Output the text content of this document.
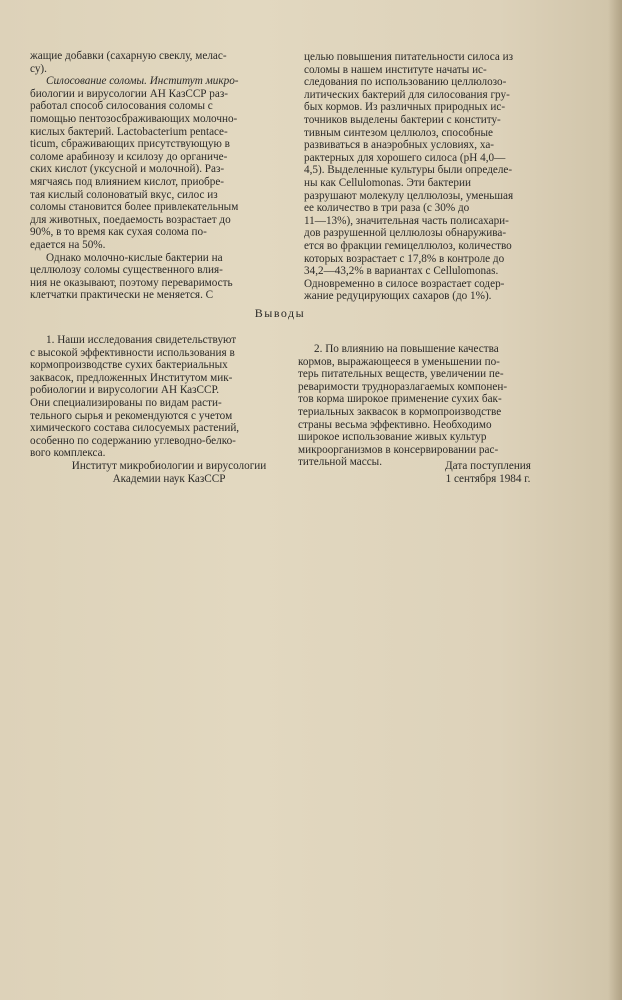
жащие добавки (сахарную свеклу, мелас-
су).
Силосование соломы. Институт микро-
биологии и вирусологии АН КазССР раз-
работал способ силосования соломы с
помощью пентозосбраживающих молочно-
кислых бактерий. Lactobacterium pentace-
ticum, сбраживающих присутствующую в
соломе арабинозу и ксилозу до органиче-
ских кислот (уксусной и молочной). Раз-
мягчаясь под влиянием кислот, приобре-
тая кислый солоноватый вкус, силос из
соломы становится более привлекательным
для животных, поедаемость возрастает до
90%, в то время как сухая солома по-
едается на 50%.
Однако молочно-кислые бактерии на
целлюлозу соломы существенного влия-
ния не оказывают, поэтому переваримость
клетчатки практически не меняется. С
целью повышения питательности силоса из
соломы в нашем институте начаты ис-
следования по использованию целлюлозо-
литических бактерий для силосования гру-
бых кормов. Из различных природных ис-
точников выделены бактерии с конститу-
тивным синтезом целлюлоз, способные
развиваться в анаэробных условиях, ха-
рактерных для хорошего силоса (pH 4,0—
4,5). Выделенные культуры были определе-
ны как Cellulomonas. Эти бактерии
разрушают молекулу целлюлозы, уменьшая
ее количество в три раза (с 30% до
11—13%), значительная часть полисахари-
дов разрушенной целлюлозы обнаружива-
ется во фракции гемицеллюлоз, количество
которых возрастает с 17,8% в контроле до
34,2—43,2% в вариантах с Cellulomonas.
Одновременно в силосе возрастает содер-
жание редуцирующих сахаров (до 1%).
Выводы
1. Наши исследования свидетельствуют
с высокой эффективности использования в
кормопроизводстве сухих бактериальных
заквасок, предложенных Институтом мик-
робиологии и вирусологии АН КазССР.
Они специализированы по видам расти-
тельного сырья и рекомендуются с учетом
химического состава силосуемых растений,
особенно по содержанию углеводно-белко-
вого комплекса.
2. По влиянию на повышение качества
кормов, выражающееся в уменьшении по-
терь питательных веществ, увеличении пе-
реваримости трудноразлагаемых компонен-
тов корма широкое применение сухих бак-
териальных заквасок в кормопроизводстве
страны весьма эффективно. Необходимо
широкое использование живых культур
микроорганизмов в консервировании рас-
тительной массы.
Институт микробиологии и вирусологии
Академии наук КазССР
Дата поступления
1 сентября 1984 г.
